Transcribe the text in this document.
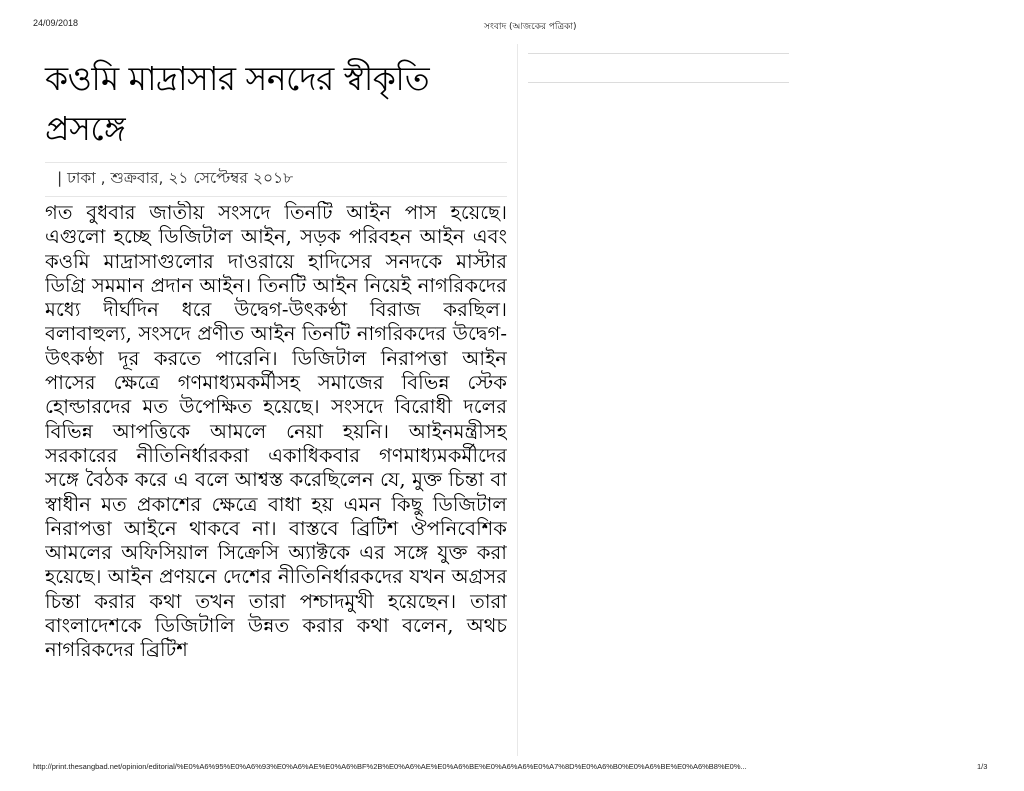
24/09/2018	সংবাদ (আজকের পত্রিকা)
কওমি মাদ্রাসার সনদের স্বীকৃতি প্রসঙ্গে
| ঢাকা , শুক্রবার, ২১ সেপ্টেম্বর ২০১৮

গত বুধবার জাতীয় সংসদে তিনটি আইন পাস হয়েছে। এগুলো হচ্ছে ডিজিটাল আইন, সড়ক পরিবহন আইন এবং কওমি মাদ্রাসাগুলোর দাওরায়ে হাদিসের সনদকে মাস্টার ডিগ্রি সমমান প্রদান আইন। তিনটি আইন নিয়েই নাগরিকদের মধ্যে দীর্ঘদিন ধরে উদ্বেগ-উৎকণ্ঠা বিরাজ করছিল। বলাবাহুল্য, সংসদে প্রণীত আইন তিনটি নাগরিকদের উদ্বেগ-উৎকণ্ঠা দূর করতে পারেনি। ডিজিটাল নিরাপত্তা আইন পাসের ক্ষেত্রে গণমাধ্যমকর্মীসহ সমাজের বিভিন্ন স্টেক হোল্ডারদের মত উপেক্ষিত হয়েছে। সংসদে বিরোধী দলের বিভিন্ন আপত্তিকে আমলে নেয়া হয়নি। আইনমন্ত্রীসহ সরকারের নীতিনির্ধারকরা একাধিকবার গণমাধ্যমকর্মীদের সঙ্গে বৈঠক করে এ বলে আশ্বস্ত করেছিলেন যে, মুক্ত চিন্তা বা স্বাধীন মত প্রকাশের ক্ষেত্রে বাধা হয় এমন কিছু ডিজিটাল নিরাপত্তা আইনে থাকবে না। বাস্তবে ব্রিটিশ ঔপনিবেশিক আমলের অফিসিয়াল সিক্রেসি অ্যাক্টকে এর সঙ্গে যুক্ত করা হয়েছে। আইন প্রণয়নে দেশের নীতিনির্ধারকদের যখন অগ্রসর চিন্তা করার কথা তখন তারা পশ্চাদমুখী হয়েছেন। তারা বাংলাদেশকে ডিজিটালি উন্নত করার কথা বলেন, অথচ নাগরিকদের ব্রিটিশ

http://print.thesangbad.net/opinion/editorial/%E0%A6%95%E0%A6%93%E0%A6%AE%E0%A6%BF%2B%E0%A6%AE%E0%A6%BE%E0%A6%A6%E0%A7%8D%E0%A6%B0%E0%A6%BE%E0%A6%B8%E0%...	1/3
